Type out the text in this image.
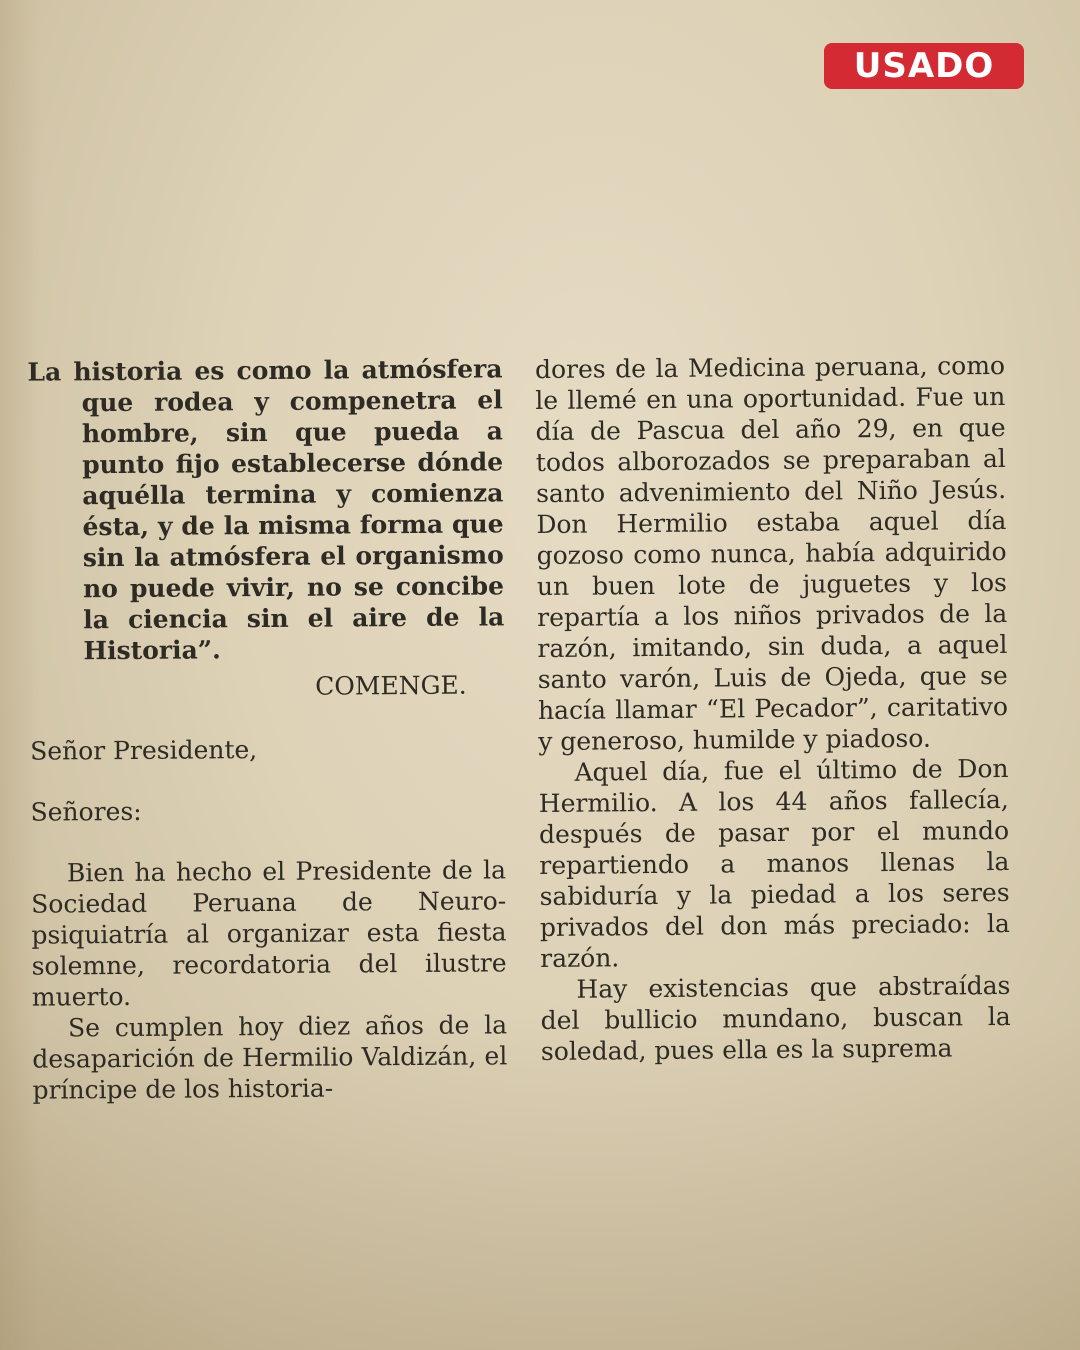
USADO

La historia es como la atmósfera que rodea y compenetra el hombre, sin que pueda a punto fijo establecerse dónde aquélla termina y comienza ésta, y de la misma forma que sin la atmósfera el organismo no puede vivir, no se concibe la ciencia sin el aire de la Historia”.

COMENGE.

Señor Presidente,

Señores:

Bien ha hecho el Presidente de la Sociedad Peruana de Neuro-psiquiatría al organizar esta fiesta solemne, recordatoria del ilustre muerto.

Se cumplen hoy diez años de la desaparición de Hermilio Valdizán, el príncipe de los historia-

dores de la Medicina peruana, como le llemé en una oportunidad. Fue un día de Pascua del año 29, en que todos alborozados se preparaban al santo advenimiento del Niño Jesús. Don Hermilio estaba aquel día gozoso como nunca, había adquirido un buen lote de juguetes y los repartía a los niños privados de la razón, imitando, sin duda, a aquel santo varón, Luis de Ojeda, que se hacía llamar “El Pecador”, caritativo y generoso, humilde y piadoso.

Aquel día, fue el último de Don Hermilio. A los 44 años fallecía, después de pasar por el mundo repartiendo a manos llenas la sabiduría y la piedad a los seres privados del don más preciado: la razón.

Hay existencias que abstraídas del bullicio mundano, buscan la soledad, pues ella es la suprema
